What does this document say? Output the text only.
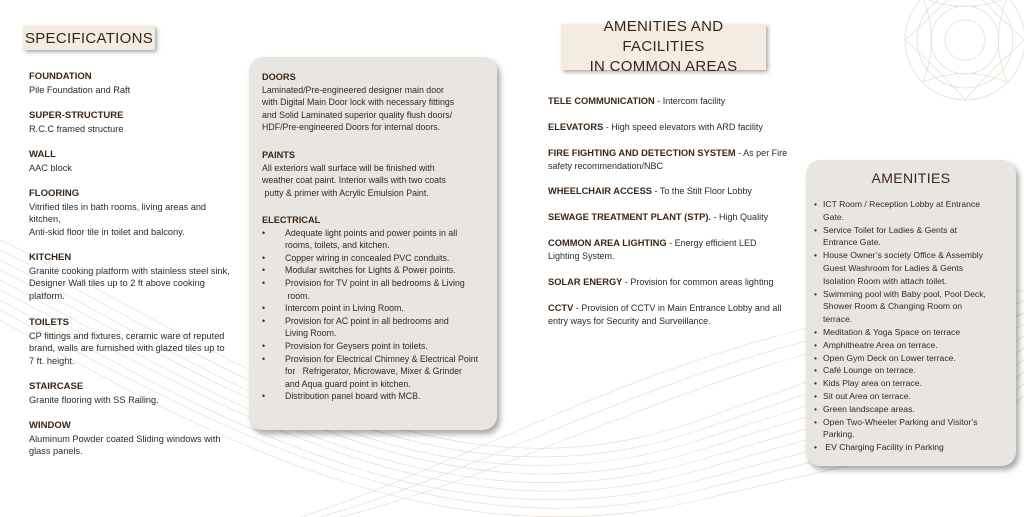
SPECIFICATIONS
FOUNDATION
Pile Foundation and Raft
SUPER-STRUCTURE
R.C.C framed structure
WALL
AAC block
FLOORING
Vitrified tiles in bath rooms, living areas and
kitchen,
Anti-skid floor tile in toilet and balcony.
KITCHEN
Granite cooking platform with stainless steel sink,
Designer Wall tiles up to 2 ft above cooking
platform.
TOILETS
CP fittings and fixtures, ceramic ware of reputed
brand, walls are furnished with glazed tiles up to
7 ft. height.
STAIRCASE
Granite flooring with SS Railing.
WINDOW
Aluminum Powder coated Sliding windows with
glass panels.
DOORS
Laminated/Pre-engineered designer main door
with Digital Main Door lock with necessary fittings
and Solid Laminated superior quality flush doors/
HDF/Pre-engineered Doors for internal doors.
PAINTS
All exteriors wall surface will be finished with
weather coat paint. Interior walls with two coats
putty & primer with Acrylic Emulsion Paint.
ELECTRICAL
• Adequate light points and power points in all
rooms, toilets, and kitchen.
• Copper wiring in concealed PVC conduits.
• Modular switches for Lights & Power points.
• Provision for TV point in all bedrooms & Living
room.
• Intercom point in Living Room.
• Provision for AC point in all bedrooms and
Living Room.
• Provision for Geysers point in toilets.
• Provision for Electrical Chimney & Electrical Point
for   Refrigerator, Microwave, Mixer & Grinder
and Aqua guard point in kitchen.
• Distribution panel board with MCB.
AMENITIES AND FACILITIES
IN COMMON AREAS
TELE COMMUNICATION - Intercom facility
ELEVATORS - High speed elevators with ARD facility
FIRE FIGHTING AND DETECTION SYSTEM - As per Fire safety recommendation/NBC
WHEELCHAIR ACCESS - To the Stilt Floor Lobby
SEWAGE TREATMENT PLANT (STP). - High Quality
COMMON AREA LIGHTING - Energy efficient LED Lighting System.
SOLAR ENERGY - Provision for common areas lighting
CCTV - Provision of CCTV in Main Entrance Lobby and all entry ways for Security and Surveillance.
AMENITIES
• ICT Room / Reception Lobby at Entrance
Gate.
• Service Toilet for Ladies & Gents at
Entrance Gate.
• House Owner’s society Office & Assembly
Guest Washroom for Ladies & Gents
Isolation Room with attach toilet.
• Swimming pool with Baby pool, Pool Deck,
Shower Room & Changing Room on
terrace.
• Meditation & Yoga Space on terrace
• Amphitheatre Area on terrace.
• Open Gym Deck on Lower terrace.
• Café Lounge on terrace.
• Kids Play area on terrace.
• Sit out Area on terrace.
• Green landscape areas.
• Open Two-Wheeler Parking and Visitor’s
Parking.
•  EV Charging Facility in Parking
